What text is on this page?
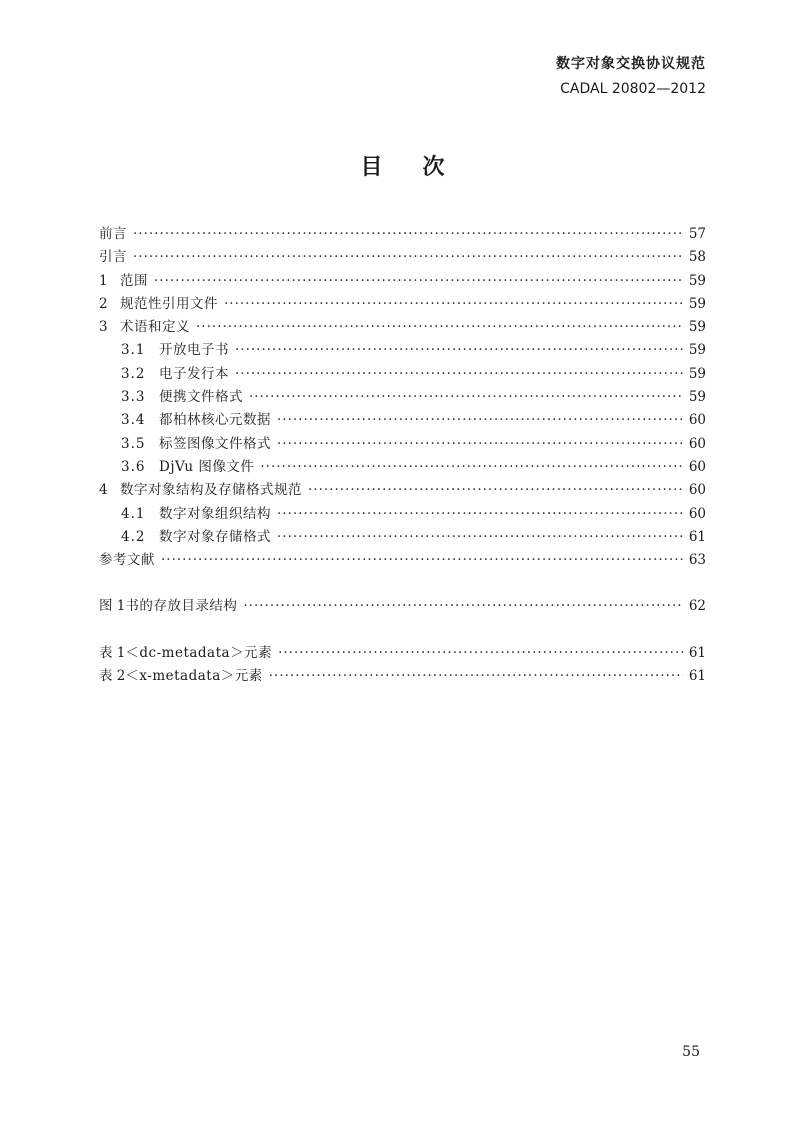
数字对象交换协议规范
CADAL 20802—2012
目次
前言 ·····	57
引言 ·····	58
1 范围 ·····	59
2 规范性引用文件 ·····	59
3 术语和定义 ·····	59
3.1	开放电子书 ·····	59
3.2	电子发行本 ·····	59
3.3	便携文件格式 ·····	59
3.4	都柏林核心元数据 ·····	60
3.5	标签图像文件格式 ·····	60
3.6	DjVu 图像文件 ·····	60
4 数字对象结构及存储格式规范 ·····	60
4.1	数字对象组织结构 ·····	60
4.2	数字对象存储格式 ·····	61
参考文献 ·····	63
图 1 书的存放目录结构 ·····	62
表 1 ＜dc-metadata＞元素 ·····	61
表 2 ＜x-metadata＞元素 ·····	61
55
